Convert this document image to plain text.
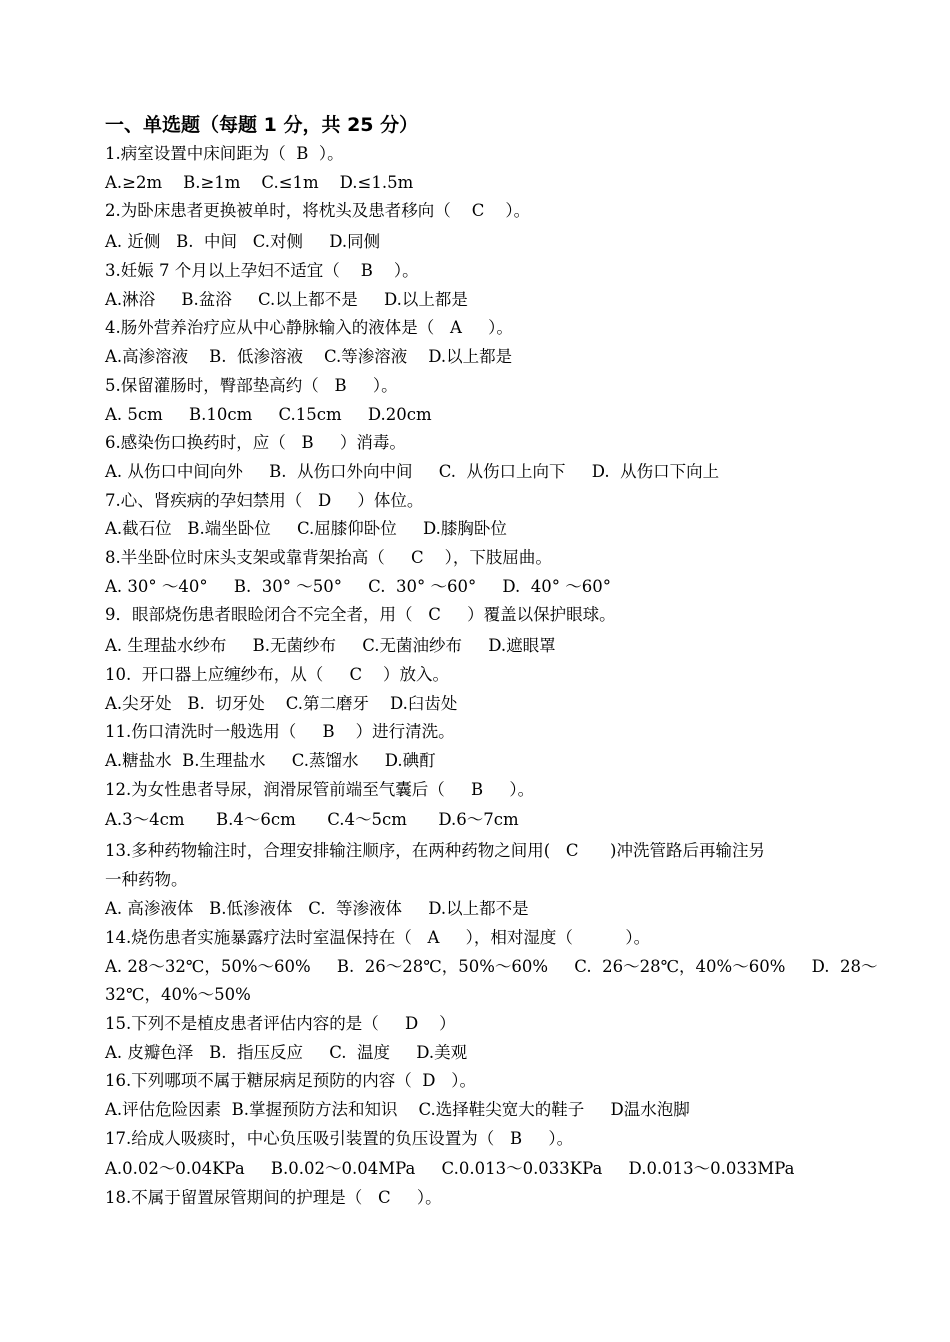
一、单选题（每题 1 分，共 25 分）
1.病室设置中床间距为（  B  ）。
A.≥2m    B.≥1m    C.≤1m    D.≤1.5m
2.为卧床患者更换被单时，将枕头及患者移向（    C    ）。
A. 近侧   B.  中间   C.对侧     D.同侧
3.妊娠 7 个月以上孕妇不适宜（    B    ）。
A.淋浴     B.盆浴     C.以上都不是     D.以上都是
4.肠外营养治疗应从中心静脉输入的液体是（   A     ）。
A.高渗溶液    B.  低渗溶液    C.等渗溶液    D.以上都是
5.保留灌肠时，臀部垫高约（   B     ）。
A. 5cm     B.10cm     C.15cm     D.20cm
6.感染伤口换药时，应（   B     ）消毒。
A. 从伤口中间向外     B.  从伤口外向中间     C.  从伤口上向下     D.  从伤口下向上
7.心、肾疾病的孕妇禁用（   D     ）体位。
A.截石位   B.端坐卧位     C.屈膝仰卧位     D.膝胸卧位
8.半坐卧位时床头支架或靠背架抬高（     C    ），下肢屈曲。
A. 30° ～40°     B.  30° ～50°     C.  30° ～60°     D.  40° ～60°
9．眼部烧伤患者眼睑闭合不完全者，用（   C     ）覆盖以保护眼球。
A. 生理盐水纱布     B.无菌纱布     C.无菌油纱布     D.遮眼罩
10.  开口器上应缠纱布，从（     C    ）放入。
A.尖牙处   B.  切牙处    C.第二磨牙    D.臼齿处
11.伤口清洗时一般选用（     B    ）进行清洗。
A.糖盐水  B.生理盐水     C.蒸馏水     D.碘酊
12.为女性患者导尿，润滑尿管前端至气囊后（     B     ）。
A.3～4cm      B.4～6cm      C.4～5cm      D.6～7cm
13.多种药物输注时，合理安排输注顺序，在两种药物之间用(   C      )冲洗管路后再输注另
一种药物。
A. 高渗液体   B.低渗液体   C.  等渗液体     D.以上都不是
14.烧伤患者实施暴露疗法时室温保持在（   A     ），相对湿度（          ）。
A. 28～32℃，50%～60%     B.  26～28℃，50%～60%     C.  26～28℃，40%～60%     D.  28～
32℃，40%～50%
15.下列不是植皮患者评估内容的是（     D    ）
A. 皮瓣色泽   B.  指压反应     C.  温度     D.美观
16.下列哪项不属于糖尿病足预防的内容（  D   ）。
A.评估危险因素  B.掌握预防方法和知识    C.选择鞋尖宽大的鞋子     D温水泡脚
17.给成人吸痰时，中心负压吸引装置的负压设置为（   B     ）。
A.0.02～0.04KPa     B.0.02～0.04MPa     C.0.013～0.033KPa     D.0.013～0.033MPa
18.不属于留置尿管期间的护理是（   C     ）。
